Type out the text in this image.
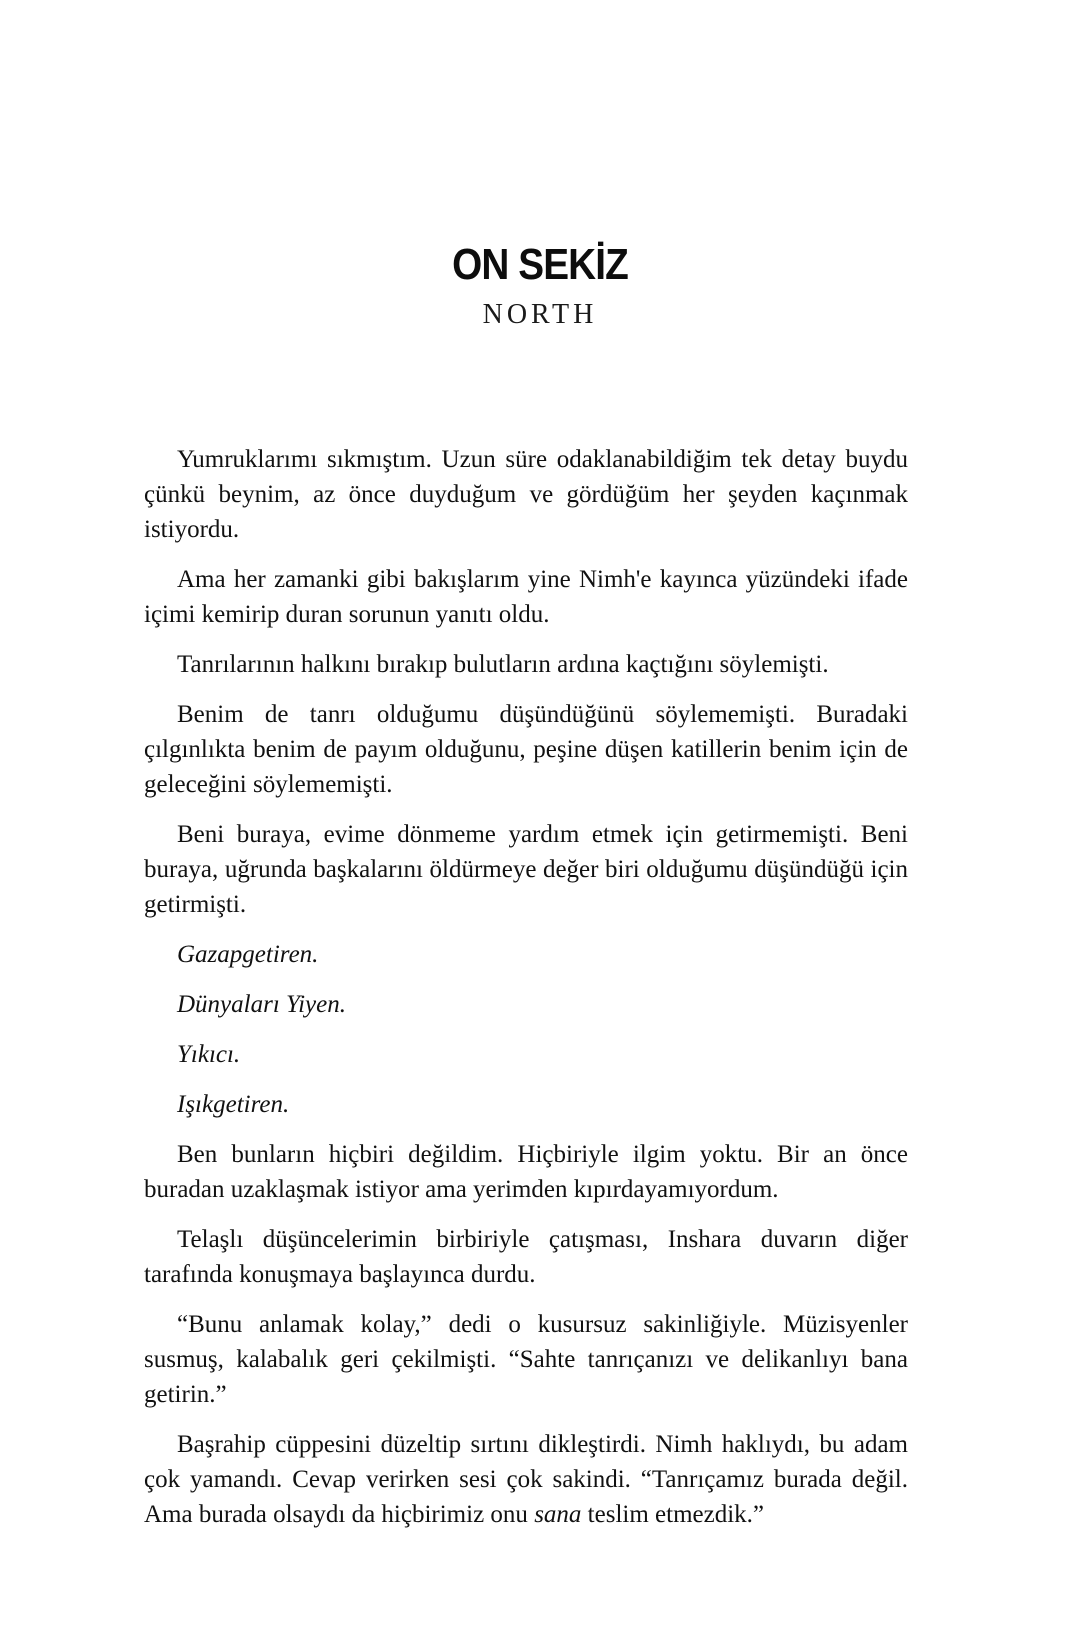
ON SEKİZ
NORTH

Yumruklarımı sıkmıştım. Uzun süre odaklanabildiğim tek detay buydu çünkü beynim, az önce duyduğum ve gördüğüm her şeyden kaçınmak istiyordu.

Ama her zamanki gibi bakışlarım yine Nimh'e kayınca yüzündeki ifade içimi kemirip duran sorunun yanıtı oldu.

Tanrılarının halkını bırakıp bulutların ardına kaçtığını söylemişti.

Benim de tanrı olduğumu düşündüğünü söylememişti. Buradaki çılgınlıkta benim de payım olduğunu, peşine düşen katillerin benim için de geleceğini söylememişti.

Beni buraya, evime dönmeme yardım etmek için getirmemişti. Beni buraya, uğrunda başkalarını öldürmeye değer biri olduğumu düşündüğü için getirmişti.

Gazapgetiren.

Dünyaları Yiyen.

Yıkıcı.

Işıkgetiren.

Ben bunların hiçbiri değildim. Hiçbiriyle ilgim yoktu. Bir an önce buradan uzaklaşmak istiyor ama yerimden kıpırdayamıyordum.

Telaşlı düşüncelerimin birbiriyle çatışması, Inshara duvarın diğer tarafında konuşmaya başlayınca durdu.

“Bunu anlamak kolay,” dedi o kusursuz sakinliğiyle. Müzisyenler susmuş, kalabalık geri çekilmişti. “Sahte tanrıçanızı ve delikanlıyı bana getirin.”

Başrahip cüppesini düzeltip sırtını dikleştirdi. Nimh haklıydı, bu adam çok yamandı. Cevap verirken sesi çok sakindi. “Tanrıçamız burada değil. Ama burada olsaydı da hiçbirimiz onu sana teslim etmezdik.”
